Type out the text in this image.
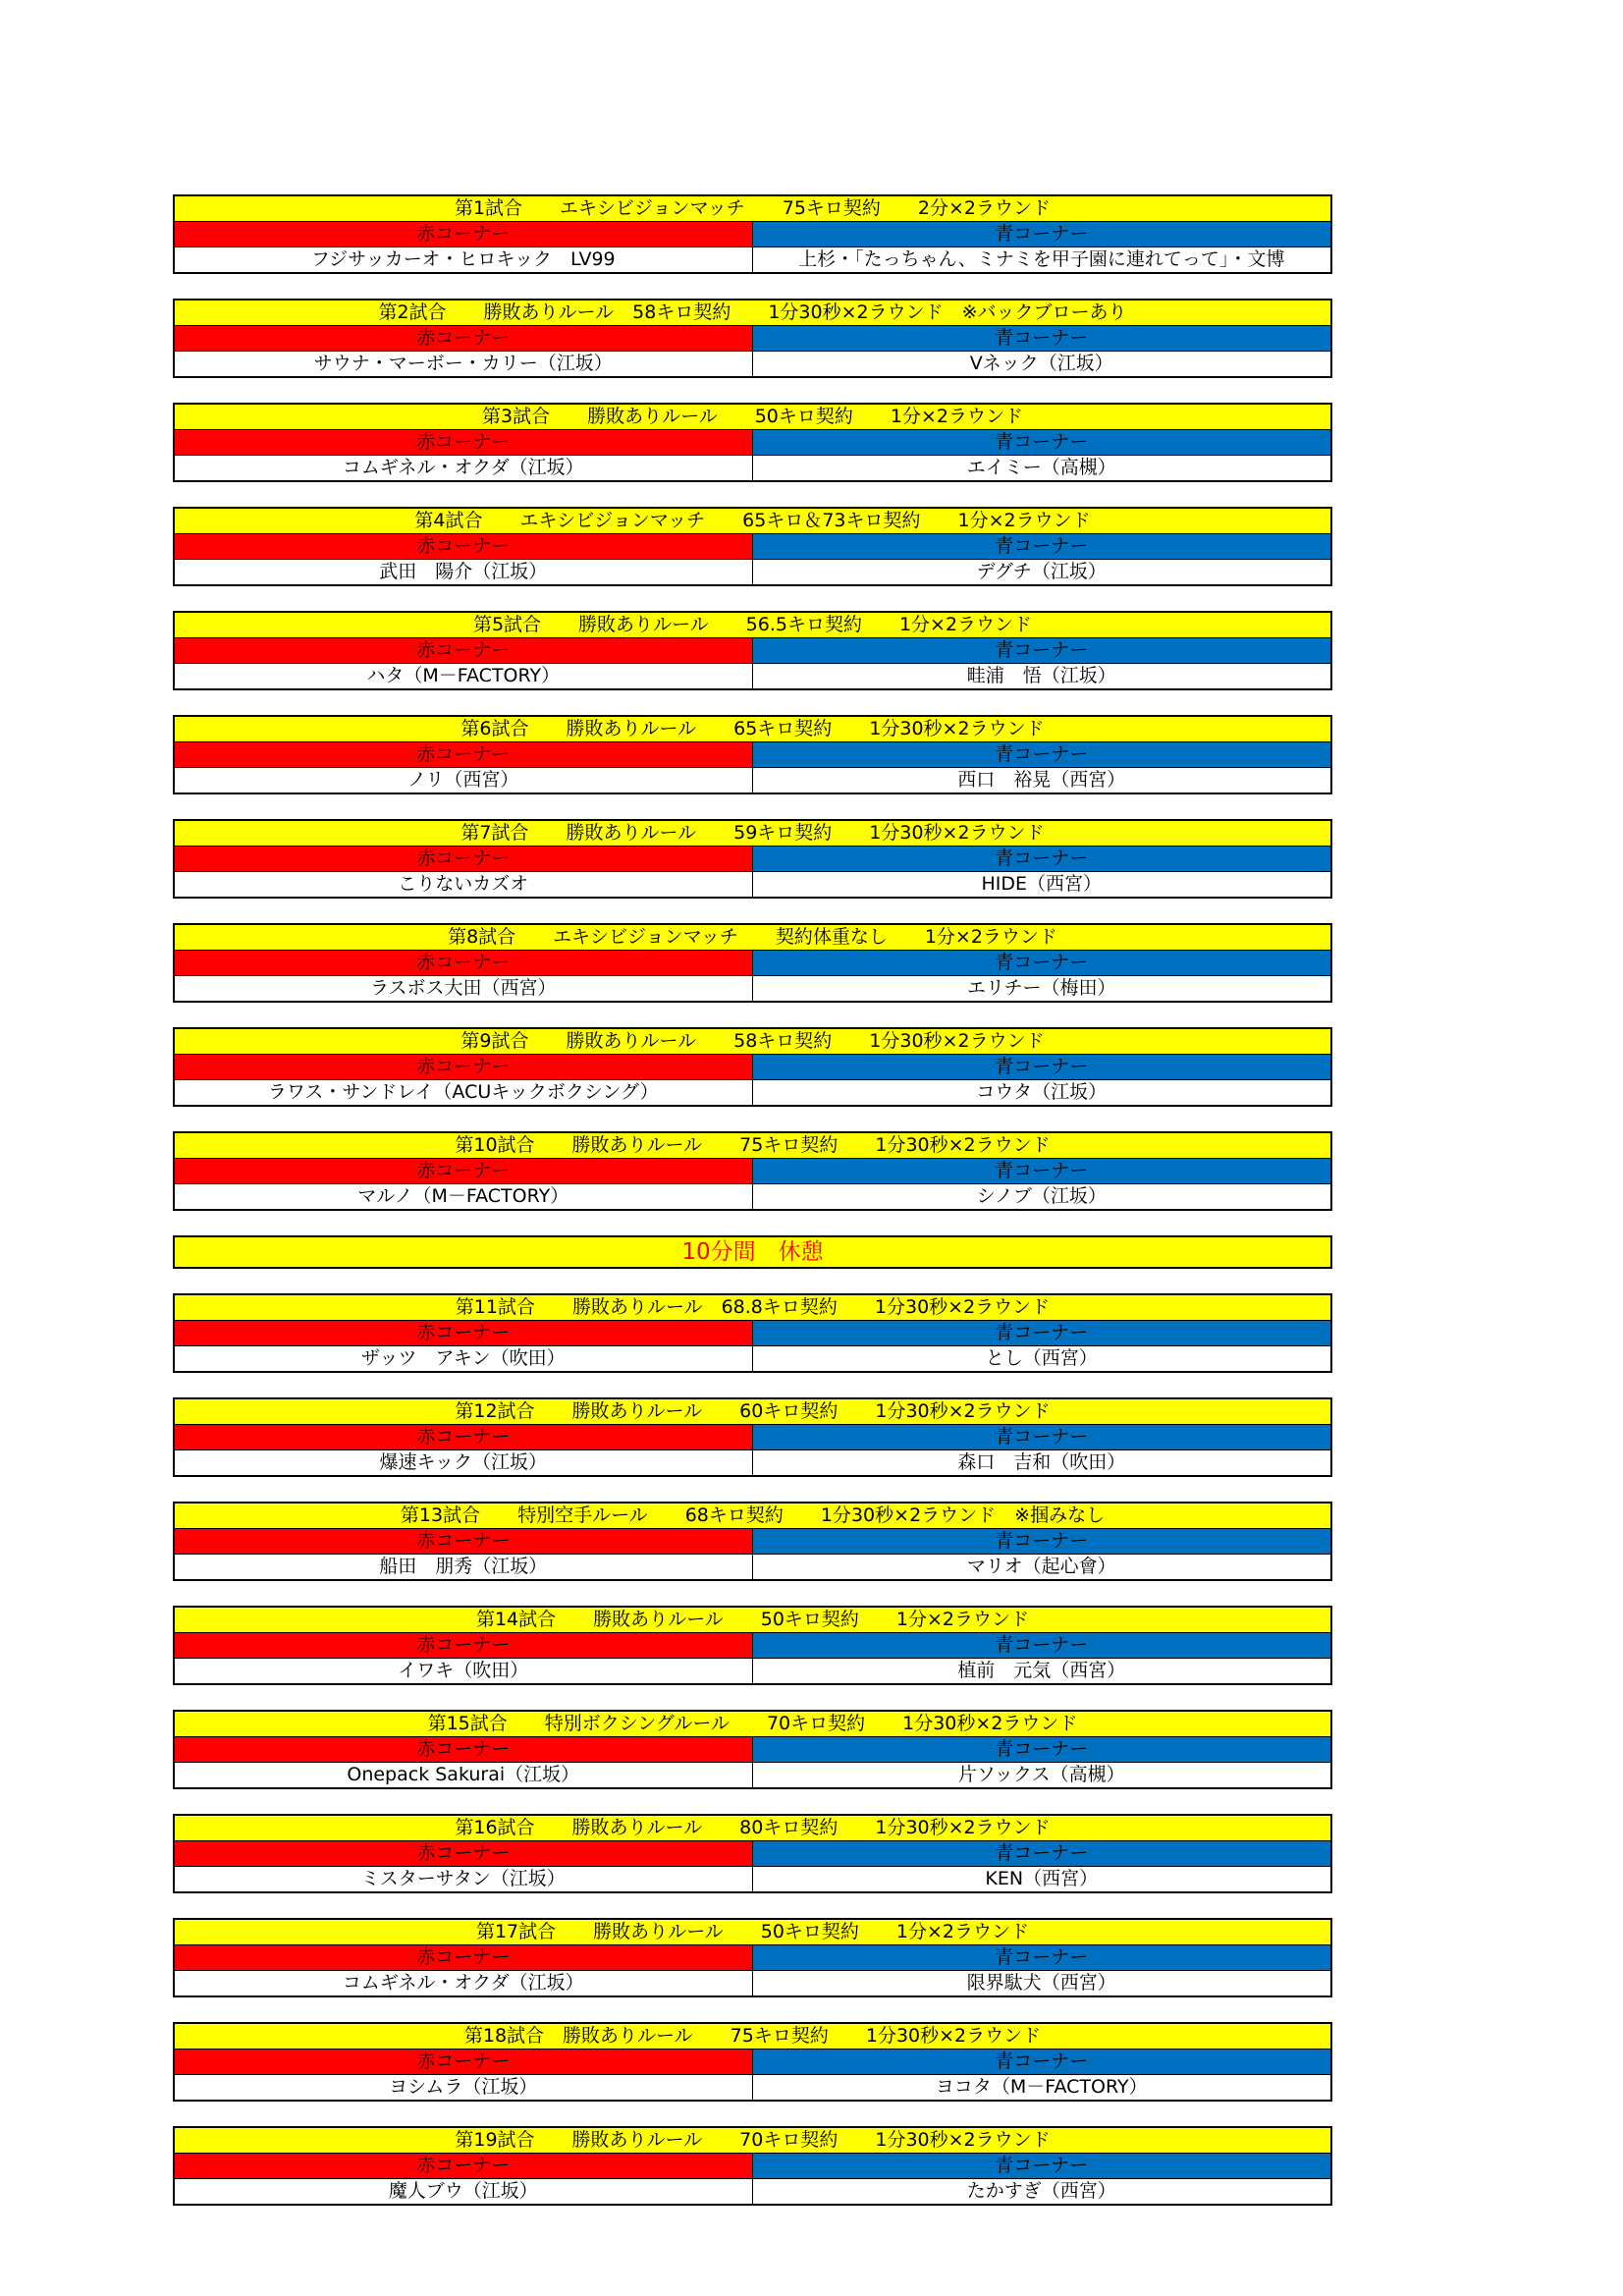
第1試合　　エキシビジョンマッチ　　75キロ契約　　2分×2ラウンド
赤コーナー	青コーナー
フジサッカーオ・ヒロキック　LV99	上杉・「たっちゃん、ミナミを甲子園に連れてって」・文博
第2試合　　勝敗ありルール　58キロ契約　　1分30秒×2ラウンド　※バックブローあり
赤コーナー	青コーナー
サウナ・マーボー・カリー（江坂）	Vネック（江坂）
第3試合　　勝敗ありルール　　50キロ契約　　1分×2ラウンド
赤コーナー	青コーナー
コムギネル・オクダ（江坂）	エイミー（高槻）
第4試合　　エキシビジョンマッチ　　65キロ＆73キロ契約　　1分×2ラウンド
赤コーナー	青コーナー
武田　陽介（江坂）	デグチ（江坂）
第5試合　　勝敗ありルール　　56.5キロ契約　　1分×2ラウンド
赤コーナー	青コーナー
ハタ（M－FACTORY）	畦浦　悟（江坂）
第6試合　　勝敗ありルール　　65キロ契約　　1分30秒×2ラウンド
赤コーナー	青コーナー
ノリ（西宮）	西口　裕晃（西宮）
第7試合　　勝敗ありルール　　59キロ契約　　1分30秒×2ラウンド
赤コーナー	青コーナー
こりないカズオ	HIDE（西宮）
第8試合　　エキシビジョンマッチ　　契約体重なし　　1分×2ラウンド
赤コーナー	青コーナー
ラスボス大田（西宮）	エリチー（梅田）
第9試合　　勝敗ありルール　　58キロ契約　　1分30秒×2ラウンド
赤コーナー	青コーナー
ラワス・サンドレイ（ACUキックボクシング）	コウタ（江坂）
第10試合　　勝敗ありルール　　75キロ契約　　1分30秒×2ラウンド
赤コーナー	青コーナー
マルノ（M－FACTORY）	シノブ（江坂）
10分間　休憩
第11試合　　勝敗ありルール　68.8キロ契約　　1分30秒×2ラウンド
赤コーナー	青コーナー
ザッツ　アキン（吹田）	とし（西宮）
第12試合　　勝敗ありルール　　60キロ契約　　1分30秒×2ラウンド
赤コーナー	青コーナー
爆速キック（江坂）	森口　吉和（吹田）
第13試合　　特別空手ルール　　68キロ契約　　1分30秒×2ラウンド　※掴みなし
赤コーナー	青コーナー
船田　朋秀（江坂）	マリオ（起心會）
第14試合　　勝敗ありルール　　50キロ契約　　1分×2ラウンド
赤コーナー	青コーナー
イワキ（吹田）	植前　元気（西宮）
第15試合　　特別ボクシングルール　　70キロ契約　　1分30秒×2ラウンド
赤コーナー	青コーナー
Onepack Sakurai（江坂）	片ソックス（高槻）
第16試合　　勝敗ありルール　　80キロ契約　　1分30秒×2ラウンド
赤コーナー	青コーナー
ミスターサタン（江坂）	KEN（西宮）
第17試合　　勝敗ありルール　　50キロ契約　　1分×2ラウンド
赤コーナー	青コーナー
コムギネル・オクダ（江坂）	限界駄犬（西宮）
第18試合　勝敗ありルール　　75キロ契約　　1分30秒×2ラウンド
赤コーナー	青コーナー
ヨシムラ（江坂）	ヨコタ（M－FACTORY）
第19試合　　勝敗ありルール　　70キロ契約　　1分30秒×2ラウンド
赤コーナー	青コーナー
魔人ブウ（江坂）	たかすぎ（西宮）
